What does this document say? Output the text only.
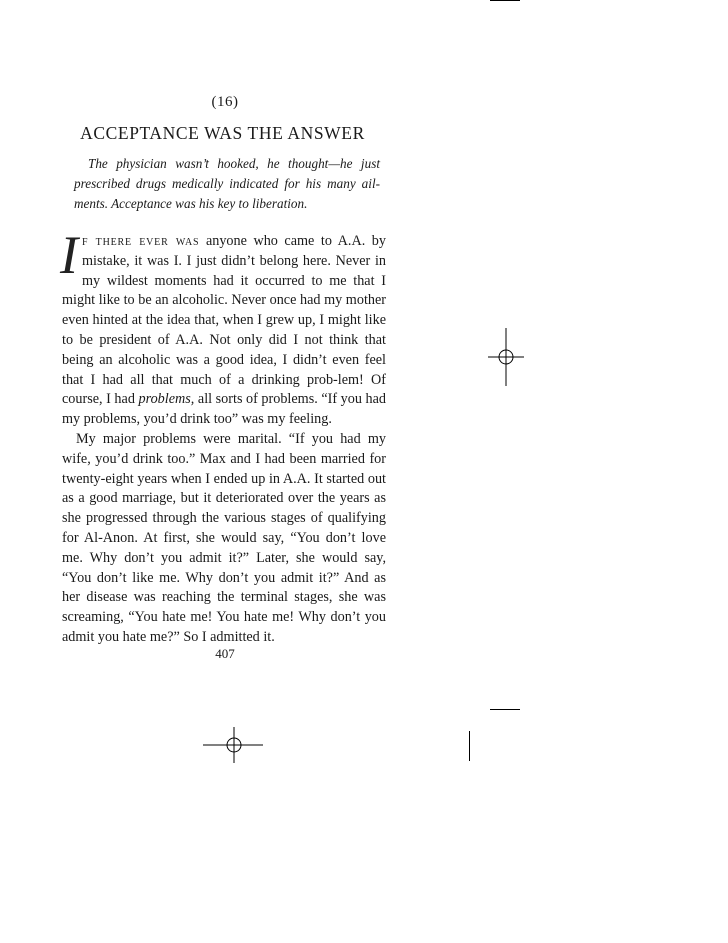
(16)
ACCEPTANCE WAS THE ANSWER

The physician wasn’t hooked, he thought—he just prescribed drugs medically indicated for his many ail-ments. Acceptance was his key to liberation.

If there ever was anyone who came to A.A. by mistake, it was I. I just didn’t belong here. Never in my wildest moments had it occurred to me that I might like to be an alcoholic. Never once had my mother even hinted at the idea that, when I grew up, I might like to be president of A.A. Not only did I not think that being an alcoholic was a good idea, I didn’t even feel that I had all that much of a drinking prob-lem! Of course, I had problems, all sorts of problems. “If you had my problems, you’d drink too” was my feeling.

My major problems were marital. “If you had my wife, you’d drink too.” Max and I had been married for twenty-eight years when I ended up in A.A. It started out as a good marriage, but it deteriorated over the years as she progressed through the various stages of qualifying for Al-Anon. At first, she would say, “You don’t love me. Why don’t you admit it?” Later, she would say, “You don’t like me. Why don’t you admit it?” And as her disease was reaching the terminal stages, she was screaming, “You hate me! You hate me! Why don’t you admit you hate me?” So I admitted it.

407
